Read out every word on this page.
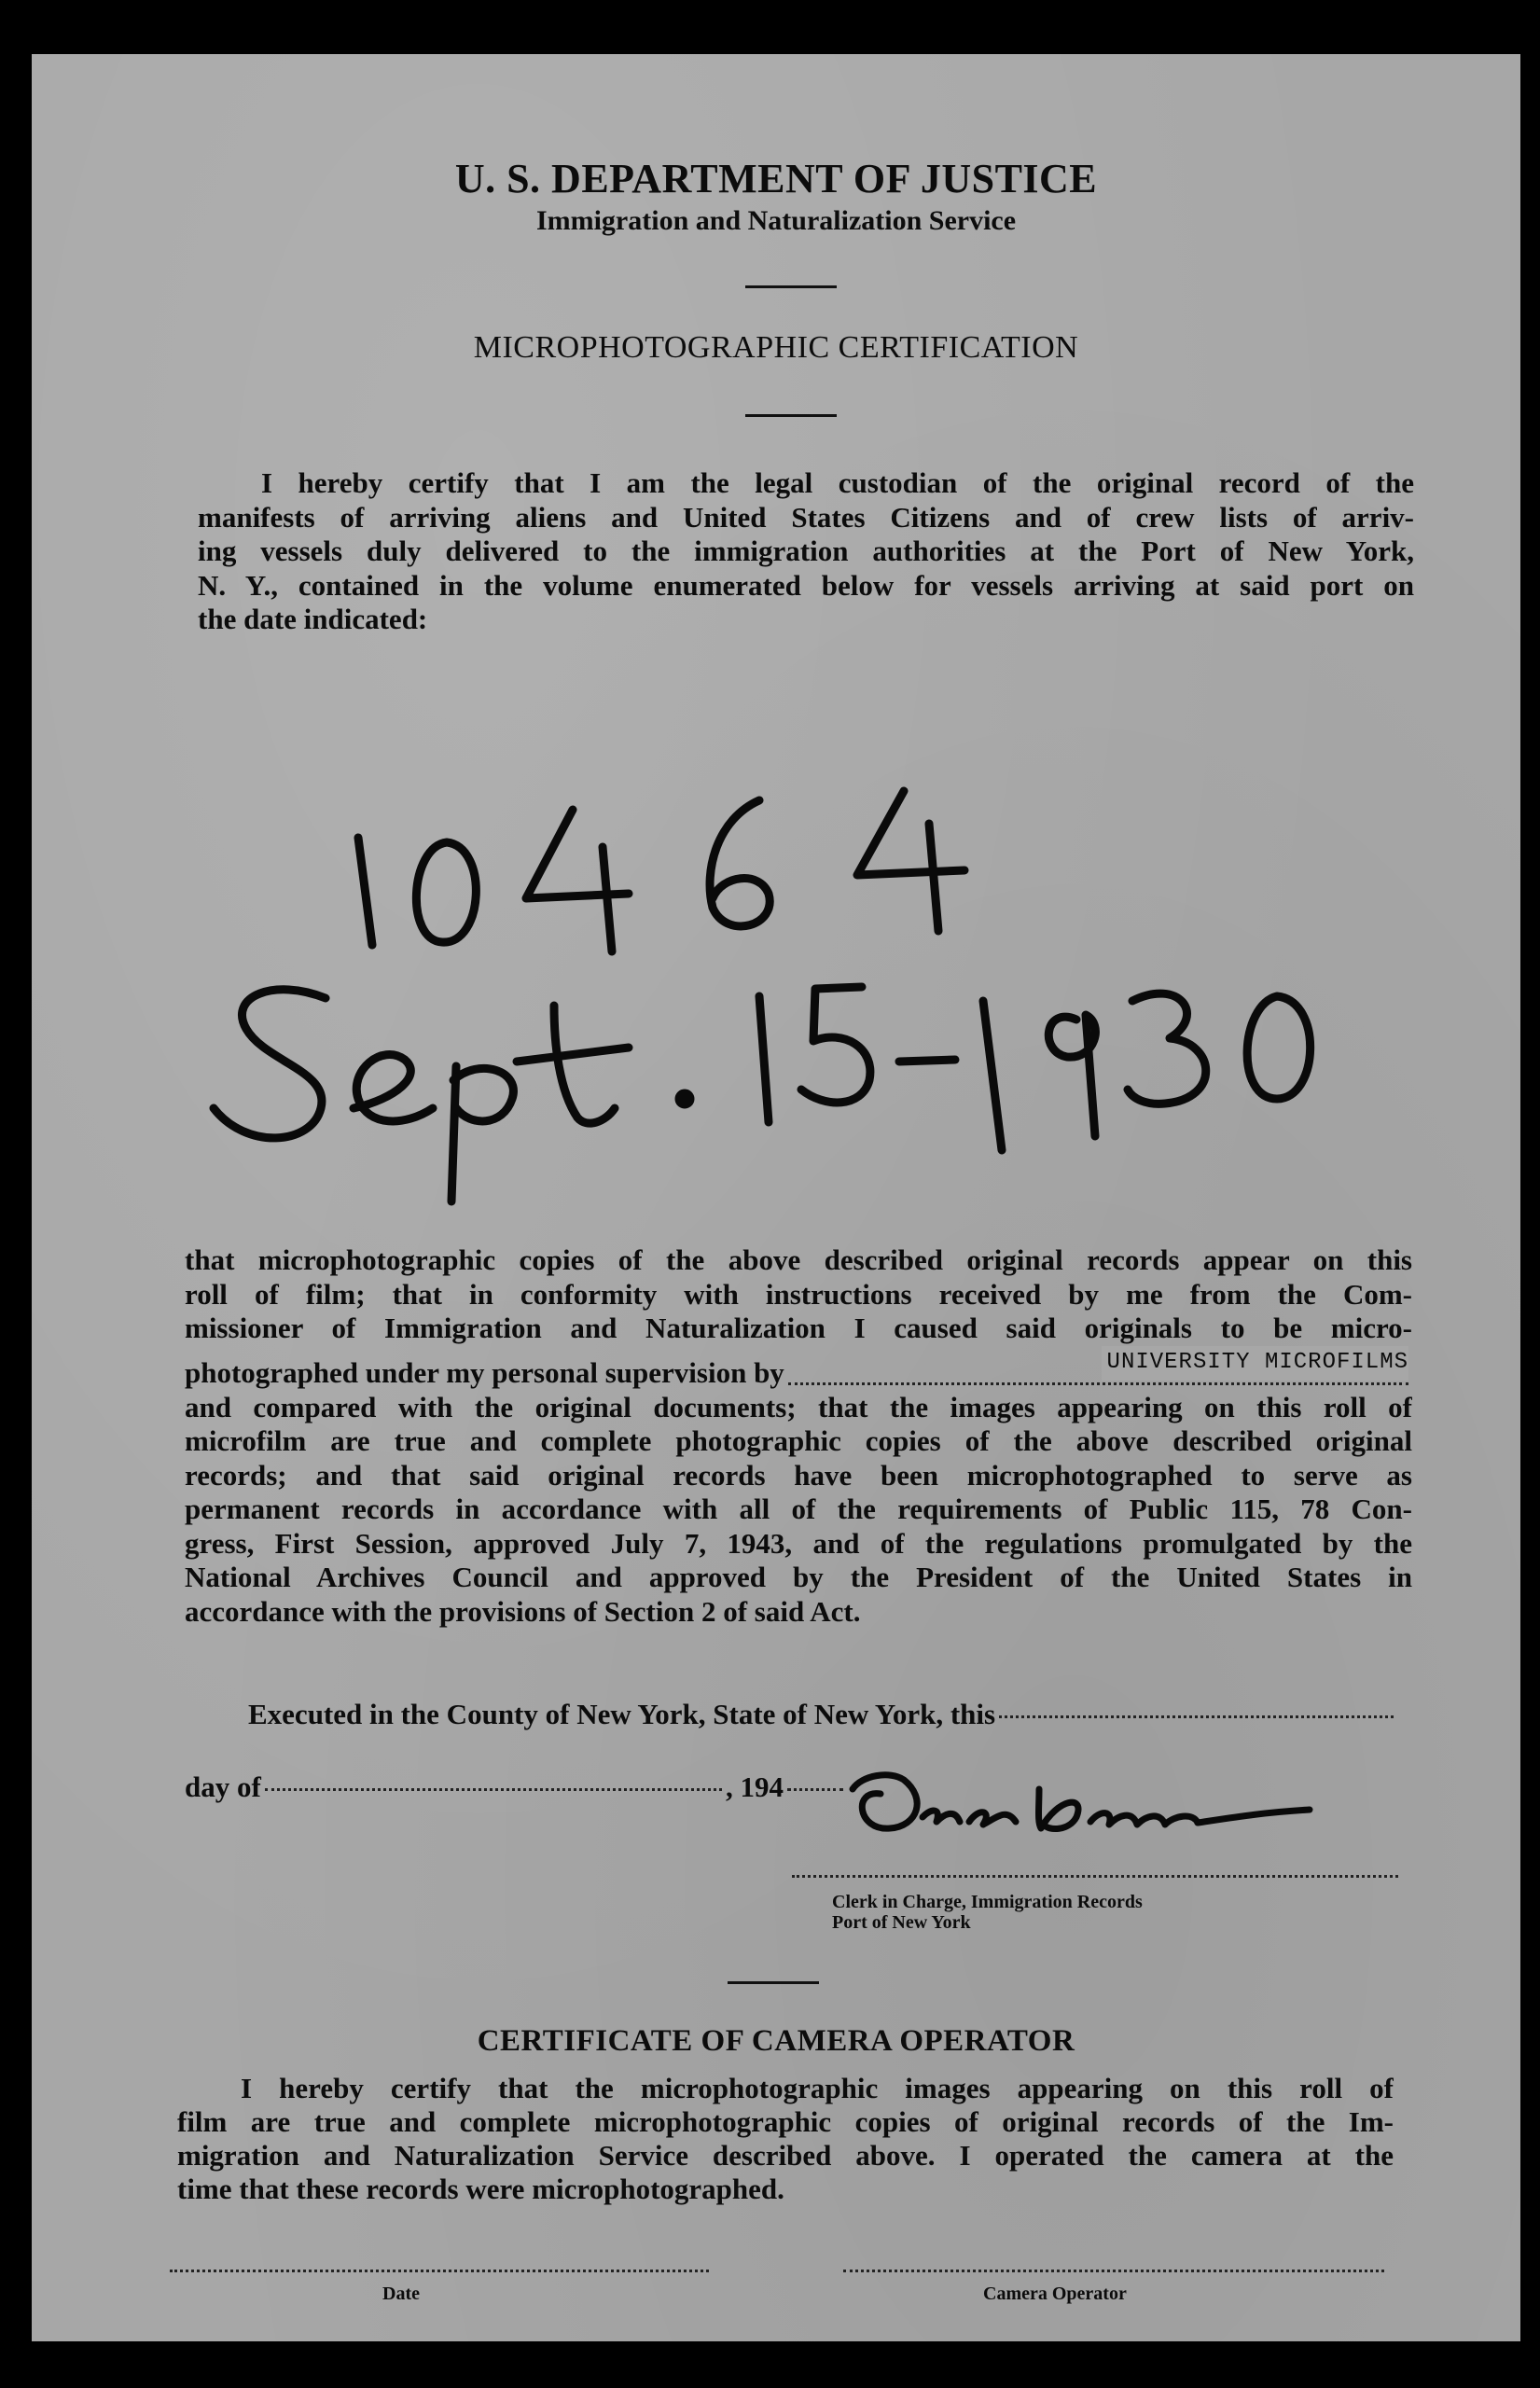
U. S. DEPARTMENT OF JUSTICE
Immigration and Naturalization Service
MICROPHOTOGRAPHIC CERTIFICATION
I hereby certify that I am the legal custodian of the original record of the
manifests of arriving aliens and United States Citizens and of crew lists of arriv-
ing vessels duly delivered to the immigration authorities at the Port of New York,
N. Y., contained in the volume enumerated below for vessels arriving at said port on
the date indicated:
that microphotographic copies of the above described original records appear on this
roll of film; that in conformity with instructions received by me from the Com-
missioner of Immigration and Naturalization I caused said originals to be micro-
photographed under my personal supervision by	UNIVERSITY MICROFILMS
and compared with the original documents; that the images appearing on this roll of
microfilm are true and complete photographic copies of the above described original
records; and that said original records have been microphotographed to serve as
permanent records in accordance with all of the requirements of Public 115, 78 Con-
gress, First Session, approved July 7, 1943, and of the regulations promulgated by the
National Archives Council and approved by the President of the United States in
accordance with the provisions of Section 2 of said Act.
Executed in the County of New York, State of New York, this
day of	, 194
Clerk in Charge, Immigration Records
Port of New York
CERTIFICATE OF CAMERA OPERATOR
I hereby certify that the microphotographic images appearing on this roll of
film are true and complete microphotographic copies of original records of the Im-
migration and Naturalization Service described above. I operated the camera at the
time that these records were microphotographed.
Date	Camera Operator
